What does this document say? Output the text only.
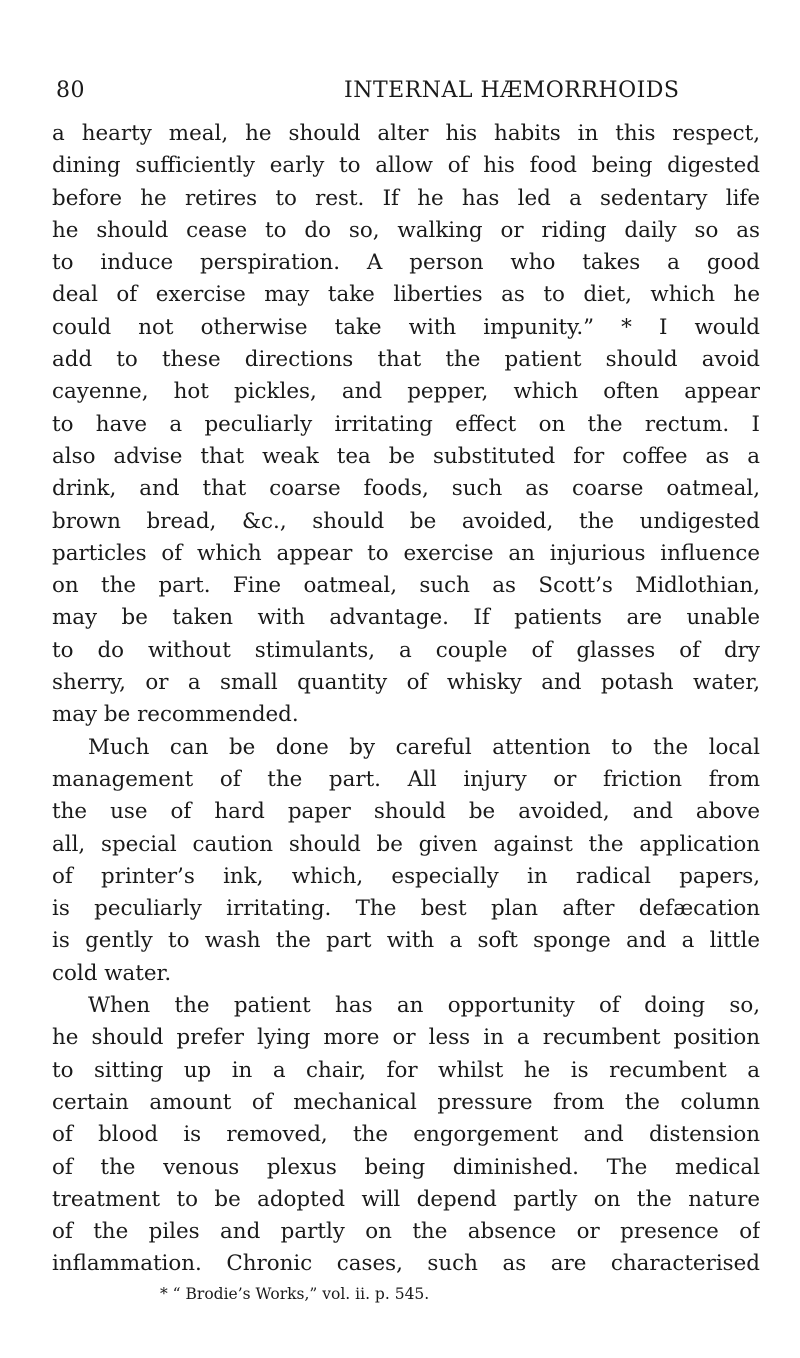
80	INTERNAL HÆMORRHOIDS
a hearty meal, he should alter his habits in this respect,
dining sufficiently early to allow of his food being digested
before he retires to rest. If he has led a sedentary life
he should cease to do so, walking or riding daily so as
to induce perspiration. A person who takes a good
deal of exercise may take liberties as to diet, which he
could not otherwise take with impunity.” * I would
add to these directions that the patient should avoid
cayenne, hot pickles, and pepper, which often appear
to have a peculiarly irritating effect on the rectum. I
also advise that weak tea be substituted for coffee as a
drink, and that coarse foods, such as coarse oatmeal,
brown bread, &c., should be avoided, the undigested
particles of which appear to exercise an injurious influence
on the part. Fine oatmeal, such as Scott’s Midlothian,
may be taken with advantage. If patients are unable
to do without stimulants, a couple of glasses of dry
sherry, or a small quantity of whisky and potash water,
may be recommended.
Much can be done by careful attention to the local
management of the part. All injury or friction from
the use of hard paper should be avoided, and above
all, special caution should be given against the application
of printer’s ink, which, especially in radical papers,
is peculiarly irritating. The best plan after defæcation
is gently to wash the part with a soft sponge and a little
cold water.
When the patient has an opportunity of doing so,
he should prefer lying more or less in a recumbent position
to sitting up in a chair, for whilst he is recumbent a
certain amount of mechanical pressure from the column
of blood is removed, the engorgement and distension
of the venous plexus being diminished. The medical
treatment to be adopted will depend partly on the nature
of the piles and partly on the absence or presence of
inflammation. Chronic cases, such as are characterised
* “ Brodie’s Works,” vol. ii. p. 545.
